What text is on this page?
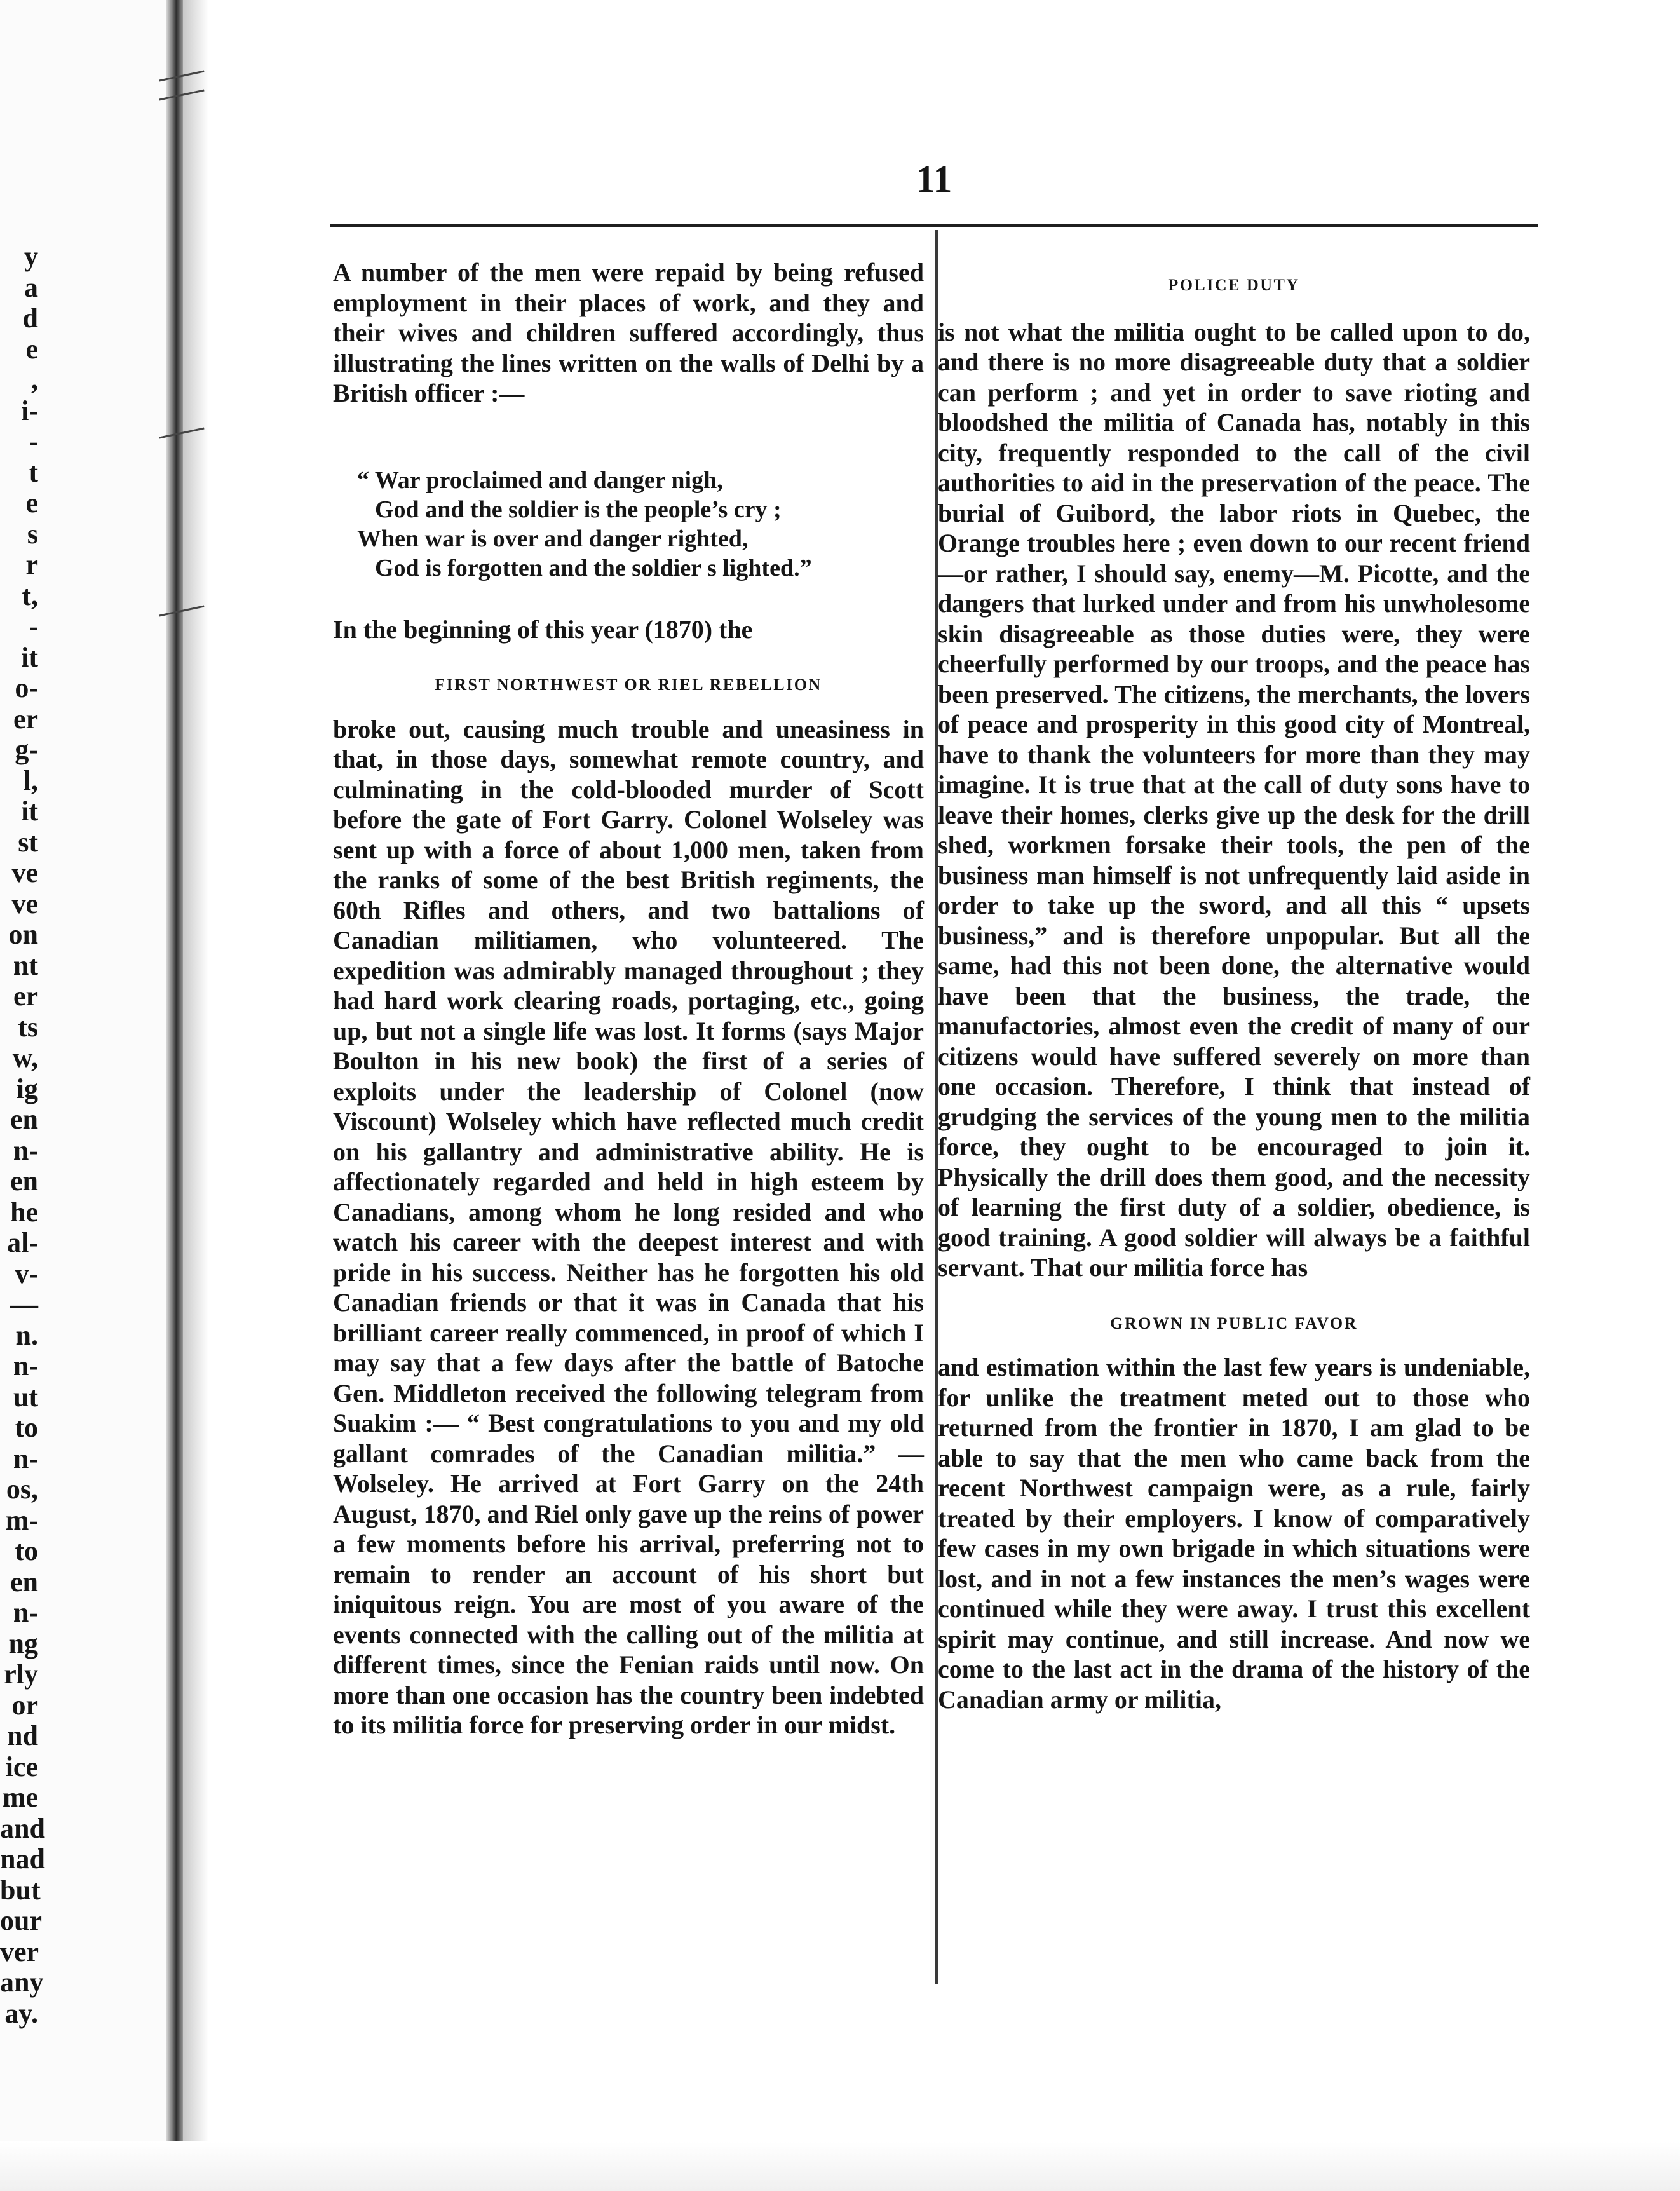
y
a
d
e
,
i-
-
t
e
s
r
t,
-
it
o-
er
g-
l,
it
st
ve
ve
on
nt
er
ts
w,
ig
en
n-
en
he
al-
v-
—
n.
n-
ut
to
n-
os,
m-
to
en
n-
ng
rly
or
nd
ice
me
and
nad
but
our
ver
any
ay.
11

A number of the men were repaid by being refused employment in their places of work, and they and their wives and children suffered accordingly, thus illustrating the lines written on the walls of Delhi by a British officer :—

“ War proclaimed and danger nigh,
God and the soldier is the people’s cry ;
When war is over and danger righted,
God is forgotten and the soldier s lighted.”

In the beginning of this year (1870) the

FIRST NORTHWEST OR RIEL REBELLION

broke out, causing much trouble and uneasiness in that, in those days, somewhat remote country, and culminating in the cold-blooded murder of Scott before the gate of Fort Garry. Colonel Wolseley was sent up with a force of about 1,000 men, taken from the ranks of some of the best British regiments, the 60th Rifles and others, and two battalions of Canadian militiamen, who volunteered. The expedition was admirably managed throughout ; they had hard work clearing roads, portaging, etc., going up, but not a single life was lost. It forms (says Major Boulton in his new book) the first of a series of exploits under the leadership of Colonel (now Viscount) Wolseley which have reflected much credit on his gallantry and administrative ability. He is affectionately regarded and held in high esteem by Canadians, among whom he long resided and who watch his career with the deepest interest and with pride in his success. Neither has he forgotten his old Canadian friends or that it was in Canada that his brilliant career really commenced, in proof of which I may say that a few days after the battle of Batoche Gen. Middleton received the following telegram from Suakim :— “ Best congratulations to you and my old gallant comrades of the Canadian militia.” —Wolseley. He arrived at Fort Garry on the 24th August, 1870, and Riel only gave up the reins of power a few moments before his arrival, preferring not to remain to render an account of his short but iniquitous reign. You are most of you aware of the events connected with the calling out of the militia at different times, since the Fenian raids until now. On more than one occasion has the country been indebted to its militia force for preserving order in our midst.

POLICE DUTY

is not what the militia ought to be called upon to do, and there is no more disagreeable duty that a soldier can perform ; and yet in order to save rioting and bloodshed the militia of Canada has, notably in this city, frequently responded to the call of the civil authorities to aid in the preservation of the peace. The burial of Guibord, the labor riots in Quebec, the Orange troubles here ; even down to our recent friend—or rather, I should say, enemy—M. Picotte, and the dangers that lurked under and from his unwholesome skin disagreeable as those duties were, they were cheerfully performed by our troops, and the peace has been preserved. The citizens, the merchants, the lovers of peace and prosperity in this good city of Montreal, have to thank the volunteers for more than they may imagine. It is true that at the call of duty sons have to leave their homes, clerks give up the desk for the drill shed, workmen forsake their tools, the pen of the business man himself is not unfrequently laid aside in order to take up the sword, and all this “ upsets business,” and is therefore unpopular. But all the same, had this not been done, the alternative would have been that the business, the trade, the manufactories, almost even the credit of many of our citizens would have suffered severely on more than one occasion. Therefore, I think that instead of grudging the services of the young men to the militia force, they ought to be encouraged to join it. Physically the drill does them good, and the necessity of learning the first duty of a soldier, obedience, is good training. A good soldier will always be a faithful servant. That our militia force has

GROWN IN PUBLIC FAVOR

and estimation within the last few years is undeniable, for unlike the treatment meted out to those who returned from the frontier in 1870, I am glad to be able to say that the men who came back from the recent Northwest campaign were, as a rule, fairly treated by their employers. I know of comparatively few cases in my own brigade in which situations were lost, and in not a few instances the men’s wages were continued while they were away. I trust this excellent spirit may continue, and still increase. And now we come to the last act in the drama of the history of the Canadian army or militia,
